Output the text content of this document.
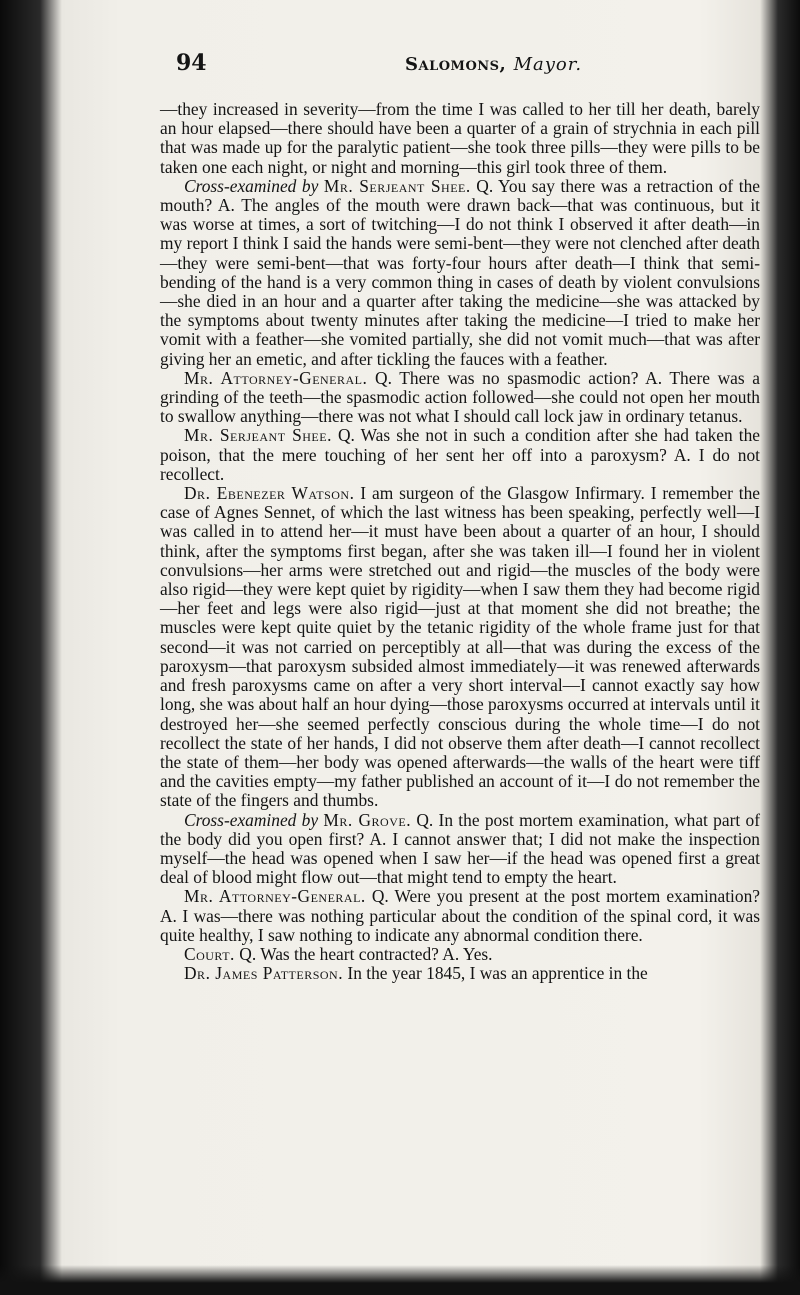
94	Salomons, Mayor.

—they increased in severity—from the time I was called to her till her death, barely an hour elapsed—there should have been a quarter of a grain of strychnia in each pill that was made up for the paralytic patient—she took three pills—they were pills to be taken one each night, or night and morning—this girl took three of them.

Cross-examined by Mr. Serjeant Shee. Q. You say there was a retraction of the mouth? A. The angles of the mouth were drawn back—that was continuous, but it was worse at times, a sort of twitching—I do not think I observed it after death—in my report I think I said the hands were semi-bent—they were not clenched after death—they were semi-bent—that was forty-four hours after death—I think that semi-bending of the hand is a very common thing in cases of death by violent convulsions—she died in an hour and a quarter after taking the medicine—she was attacked by the symptoms about twenty minutes after taking the medicine—I tried to make her vomit with a feather—she vomited partially, she did not vomit much—that was after giving her an emetic, and after tickling the fauces with a feather.

Mr. Attorney-General. Q. There was no spasmodic action? A. There was a grinding of the teeth—the spasmodic action followed—she could not open her mouth to swallow anything—there was not what I should call lock jaw in ordinary tetanus.

Mr. Serjeant Shee. Q. Was she not in such a condition after she had taken the poison, that the mere touching of her sent her off into a paroxysm? A. I do not recollect.

Dr. Ebenezer Watson. I am surgeon of the Glasgow Infirmary. I remember the case of Agnes Sennet, of which the last witness has been speaking, perfectly well—I was called in to attend her—it must have been about a quarter of an hour, I should think, after the symptoms first began, after she was taken ill—I found her in violent convulsions—her arms were stretched out and rigid—the muscles of the body were also rigid—they were kept quiet by rigidity—when I saw them they had become rigid—her feet and legs were also rigid—just at that moment she did not breathe; the muscles were kept quite quiet by the tetanic rigidity of the whole frame just for that second—it was not carried on perceptibly at all—that was during the excess of the paroxysm—that paroxysm subsided almost immediately—it was renewed afterwards and fresh paroxysms came on after a very short interval—I cannot exactly say how long, she was about half an hour dying—those paroxysms occurred at intervals until it destroyed her—she seemed perfectly conscious during the whole time—I do not recollect the state of her hands, I did not observe them after death—I cannot recollect the state of them—her body was opened afterwards—the walls of the heart were tiff and the cavities empty—my father published an account of it—I do not remember the state of the fingers and thumbs.

Cross-examined by Mr. Grove. Q. In the post mortem examination, what part of the body did you open first? A. I cannot answer that; I did not make the inspection myself—the head was opened when I saw her—if the head was opened first a great deal of blood might flow out—that might tend to empty the heart.

Mr. Attorney-General. Q. Were you present at the post mortem examination? A. I was—there was nothing particular about the condition of the spinal cord, it was quite healthy, I saw nothing to indicate any abnormal condition there.

Court. Q. Was the heart contracted? A. Yes.

Dr. James Patterson. In the year 1845, I was an apprentice in the
